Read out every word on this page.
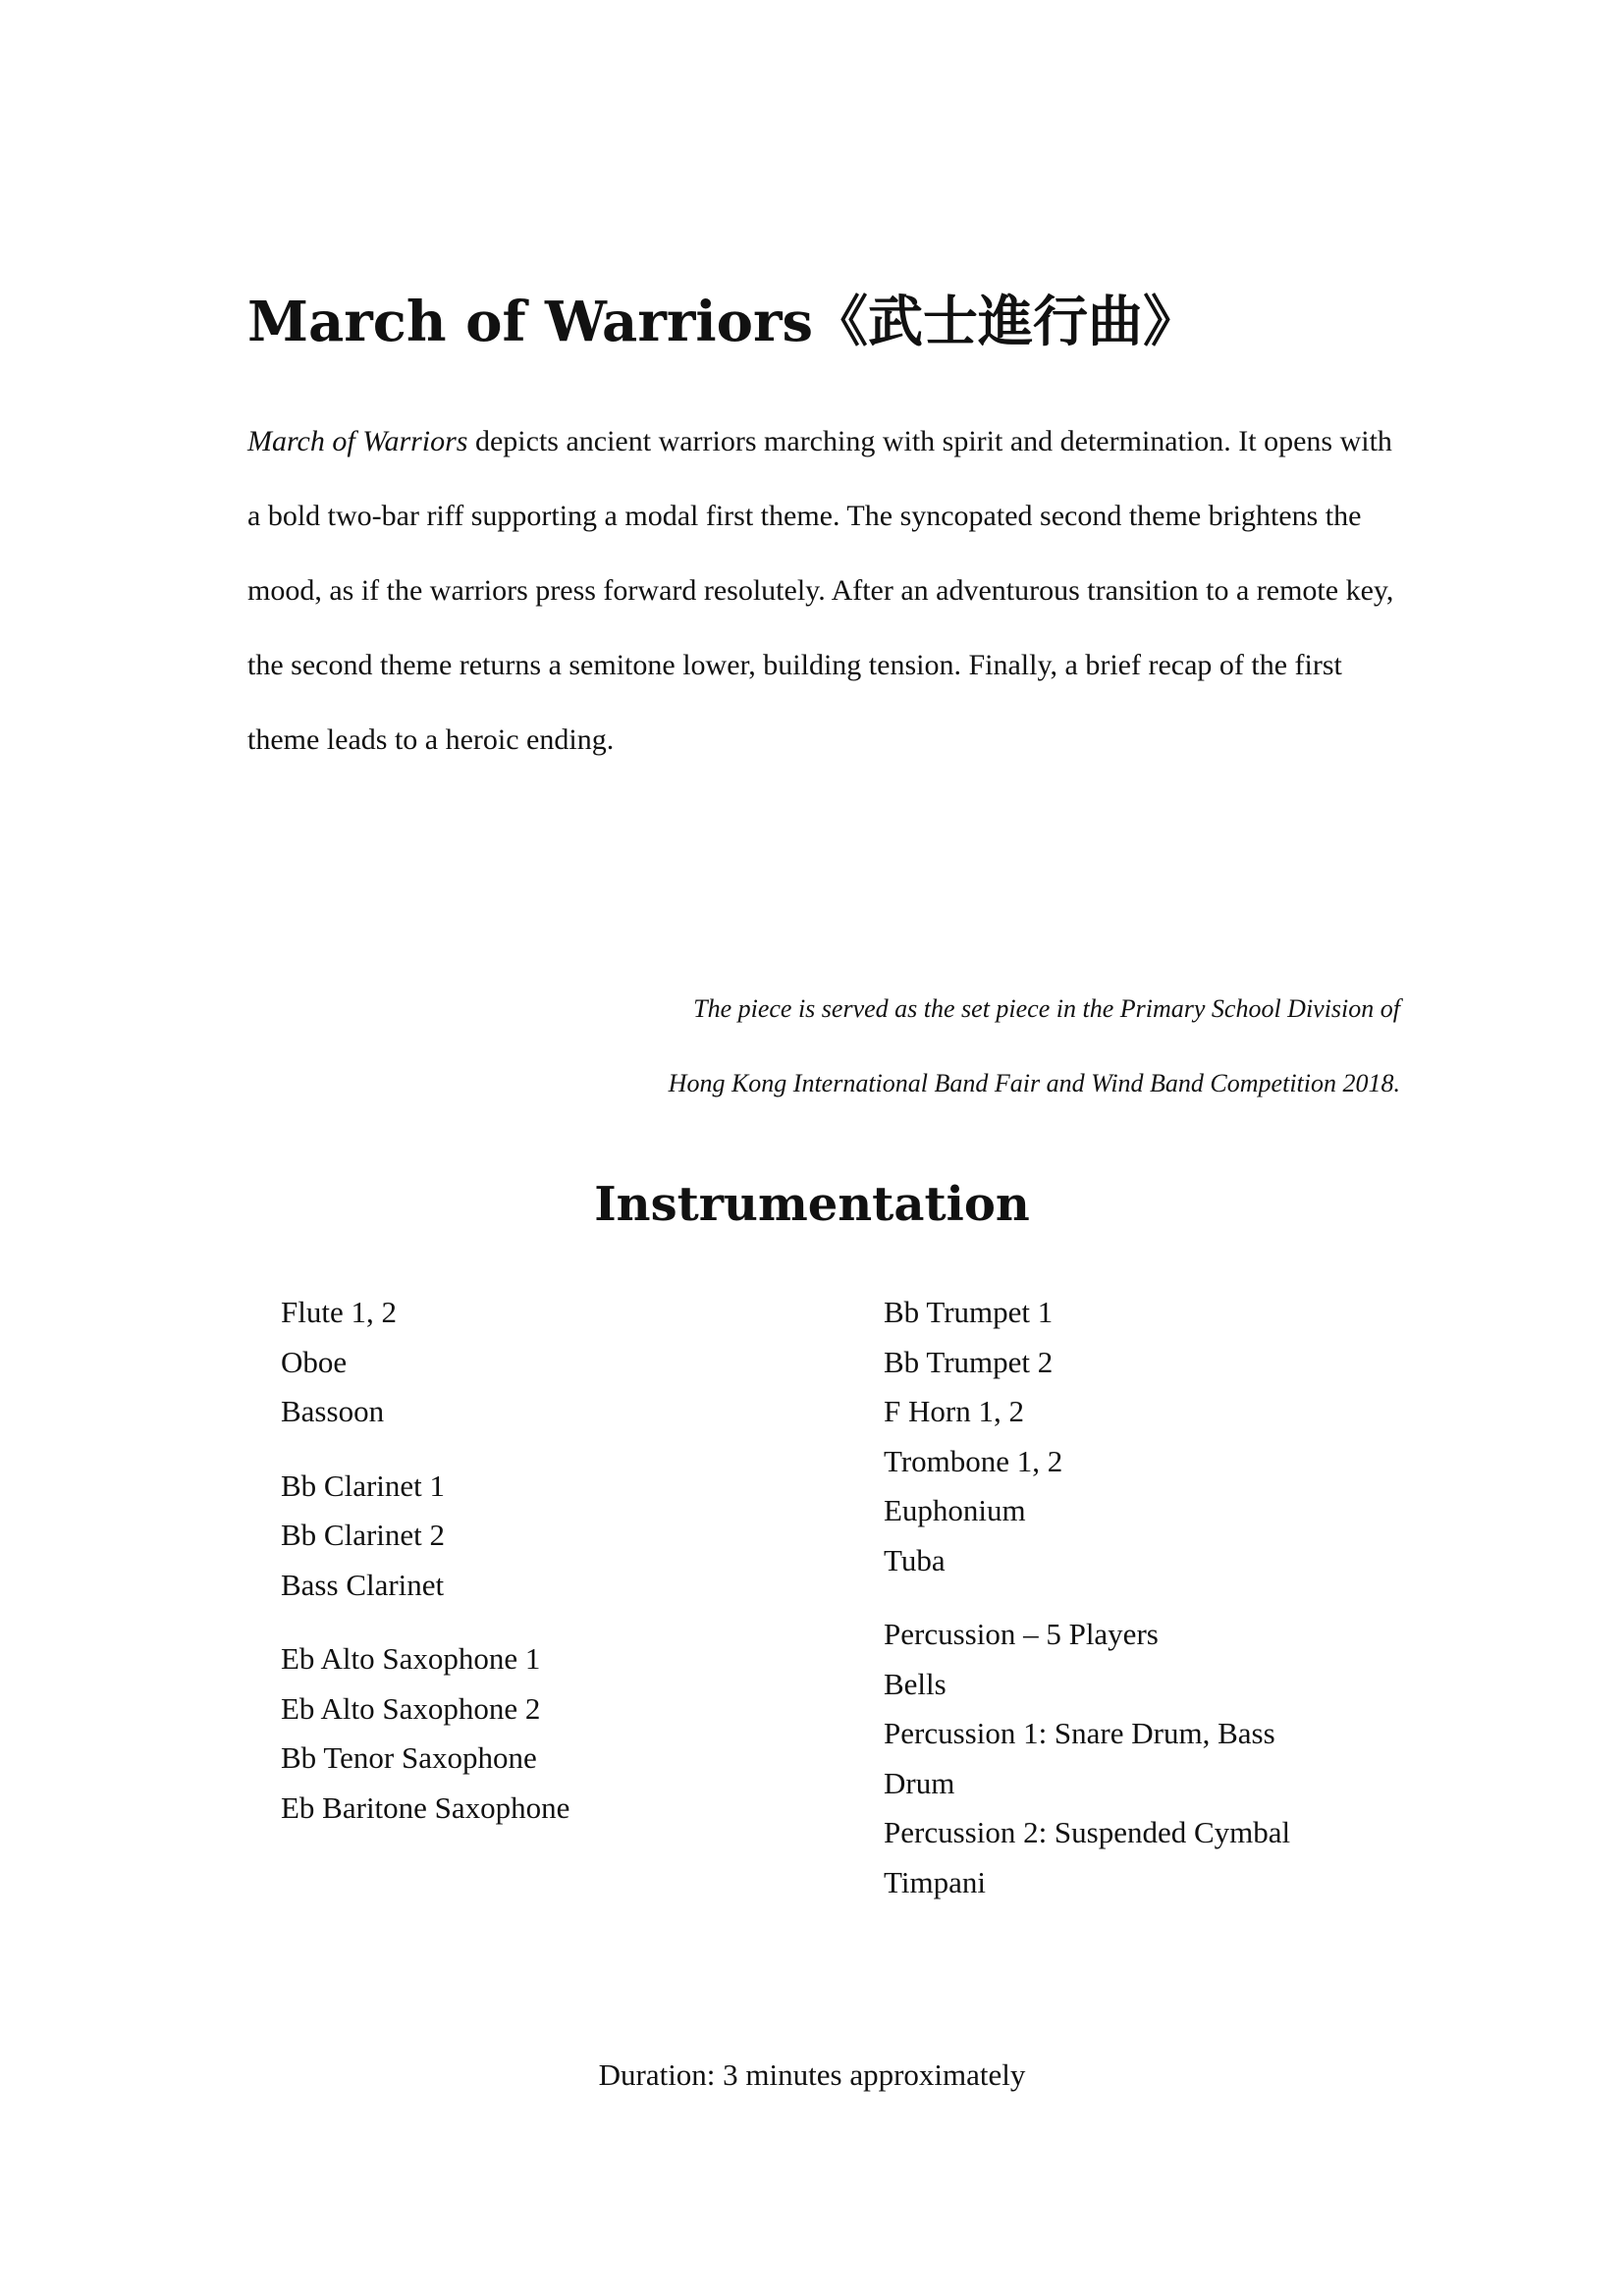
March of Warriors《武士進行曲》

March of Warriors depicts ancient warriors marching with spirit and determination. It opens with a bold two-bar riff supporting a modal first theme. The syncopated second theme brightens the mood, as if the warriors press forward resolutely. After an adventurous transition to a remote key, the second theme returns a semitone lower, building tension. Finally, a brief recap of the first theme leads to a heroic ending.

The piece is served as the set piece in the Primary School Division of
Hong Kong International Band Fair and Wind Band Competition 2018.

Instrumentation
Flute 1, 2
Oboe
Bassoon
Bb Clarinet 1
Bb Clarinet 2
Bass Clarinet
Eb Alto Saxophone 1
Eb Alto Saxophone 2
Bb Tenor Saxophone
Eb Baritone Saxophone
Bb Trumpet 1
Bb Trumpet 2
F Horn 1, 2
Trombone 1, 2
Euphonium
Tuba
Percussion – 5 Players
Bells
Percussion 1: Snare Drum, Bass
Drum
Percussion 2: Suspended Cymbal
Timpani
Duration: 3 minutes approximately
